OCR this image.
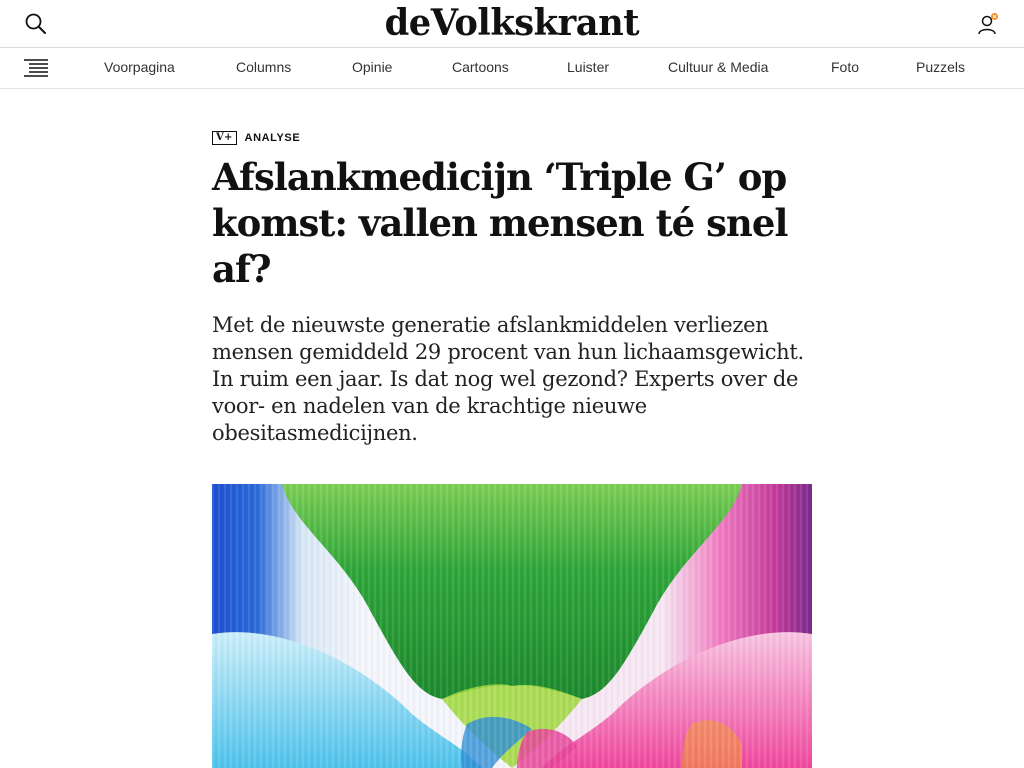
deVolkskrant
Voorpagina	Columns	Opinie	Cartoons	Luister	Cultuur & Media	Foto	Puzzels
V+	ANALYSE
Afslankmedicijn ‘Triple G’ op komst: vallen mensen té snel af?

Met de nieuwste generatie afslankmiddelen verliezen mensen gemiddeld 29 procent van hun lichaamsgewicht. In ruim een jaar. Is dat nog wel gezond? Experts over de voor- en nadelen van de krachtige nieuwe obesitasmedicijnen.
